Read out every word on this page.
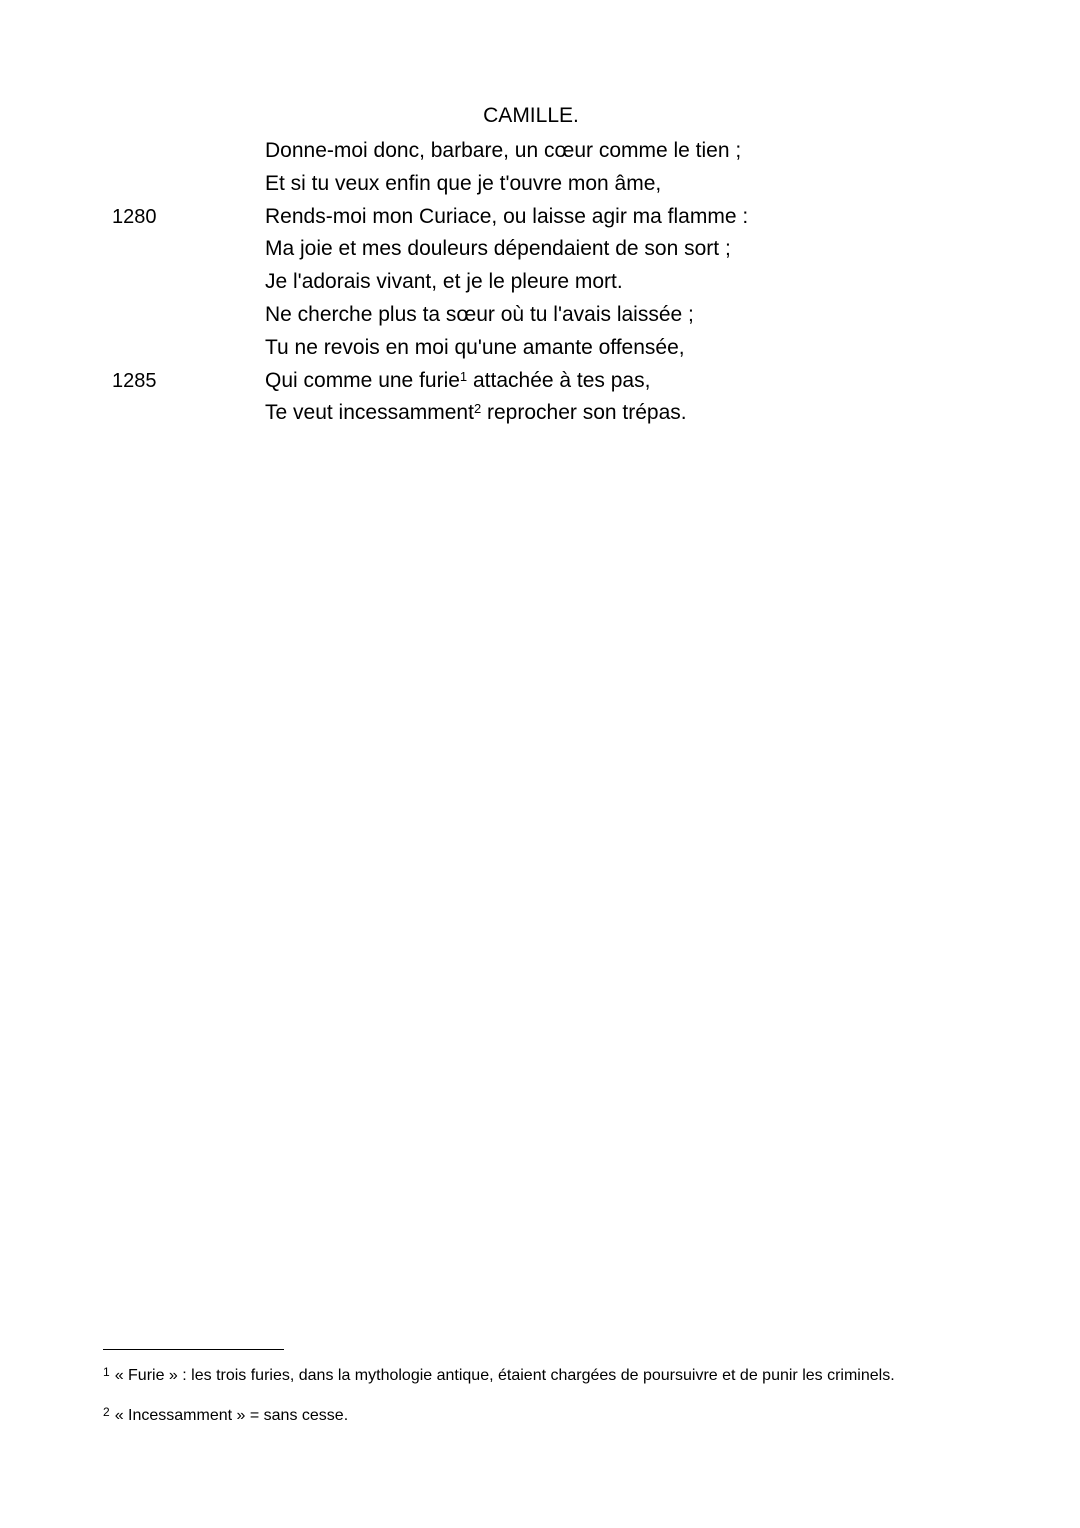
CAMILLE.
Donne-moi donc, barbare, un cœur comme le tien ;
Et si tu veux enfin que je t'ouvre mon âme,
1280	Rends-moi mon Curiace, ou laisse agir ma flamme :
Ma joie et mes douleurs dépendaient de son sort ;
Je l'adorais vivant, et je le pleure mort.
Ne cherche plus ta sœur où tu l'avais laissée ;
Tu ne revois en moi qu'une amante offensée,
1285	Qui comme une furie$^1$ attachée à tes pas,
Te veut incessamment$^2$ reprocher son trépas.
$^1$ « Furie » : les trois furies, dans la mythologie antique, étaient chargées de poursuivre et de punir les criminels.
$^2$ « Incessamment » = sans cesse.
